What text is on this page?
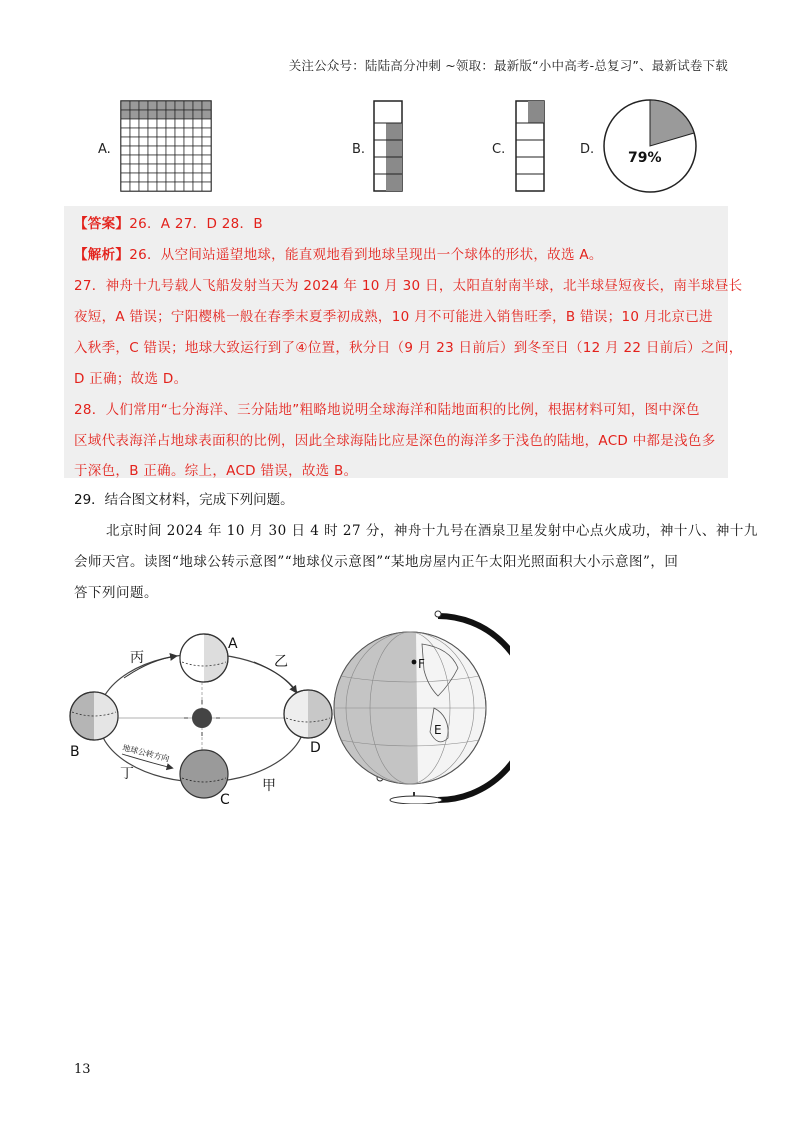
关注公众号：陆陆高分冲刺 ~领取：最新版“小中高考-总复习”、最新试卷下载
A.	B.	C.	D.
79%
【答案】26．A 27．D 28．B
【解析】26．从空间站遥望地球，能直观地看到地球呈现出一个球体的形状，故选 A。
27．神舟十九号载人飞船发射当天为 2024 年 10 月 30 日，太阳直射南半球，北半球昼短夜长，南半球昼长
夜短，A 错误；宁阳樱桃一般在春季末夏季初成熟，10 月不可能进入销售旺季，B 错误；10 月北京已进
入秋季，C 错误；地球大致运行到了④位置，秋分日（9 月 23 日前后）到冬至日（12 月 22 日前后）之间，
D 正确；故选 D。
28．人们常用“七分海洋、三分陆地”粗略地说明全球海洋和陆地面积的比例，根据材料可知，图中深色
区域代表海洋占地球表面积的比例，因此全球海陆比应是深色的海洋多于浅色的陆地，ACD 中都是浅色多
于深色，B 正确。综上，ACD 错误，故选 B。
29．结合图文材料，完成下列问题。
北京时间 2024 年 10 月 30 日 4 时 27 分，神舟十九号在酒泉卫星发射中心点火成功，神十八、神十九
会师天宫。读图“地球公转示意图”“地球仪示意图”“某地房屋内正午太阳光照面积大小示意图”，回
答下列问题。
A
B
C
D
丙	乙
丁
甲
地球公转方向
F
E
13
